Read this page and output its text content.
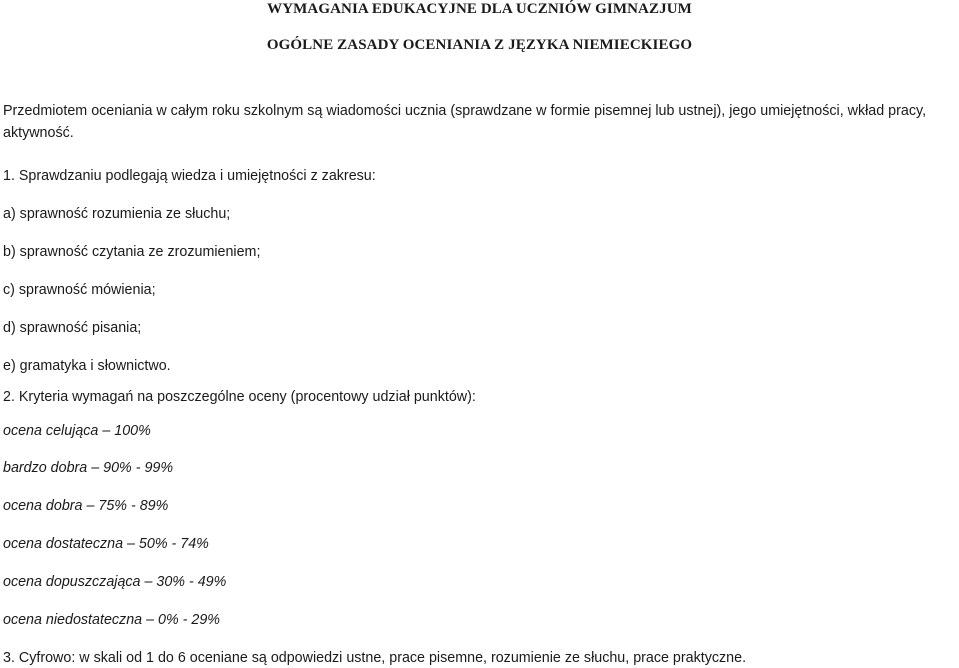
WYMAGANIA EDUKACYJNE DLA UCZNIÓW GIMNAZJUM
OGÓLNE ZASADY OCENIANIA Z JĘZYKA NIEMIECKIEGO

Przedmiotem oceniania w całym roku szkolnym są wiadomości ucznia (sprawdzane w formie pisemnej lub ustnej), jego umiejętności, wkład pracy, aktywność.

1. Sprawdzaniu podlegają wiedza i umiejętności z zakresu:

a) sprawność rozumienia ze słuchu;

b) sprawność czytania ze zrozumieniem;

c) sprawność mówienia;

d) sprawność pisania;

e) gramatyka i słownictwo.

2. Kryteria wymagań na poszczególne oceny (procentowy udział punktów):

ocena celująca – 100%

bardzo dobra – 90% - 99%

ocena dobra – 75% - 89%

ocena dostateczna – 50% - 74%

ocena dopuszczająca – 30% - 49%

ocena niedostateczna – 0% - 29%

3. Cyfrowo: w skali od 1 do 6 oceniane są odpowiedzi ustne, prace pisemne, rozumienie ze słuchu, prace praktyczne.
